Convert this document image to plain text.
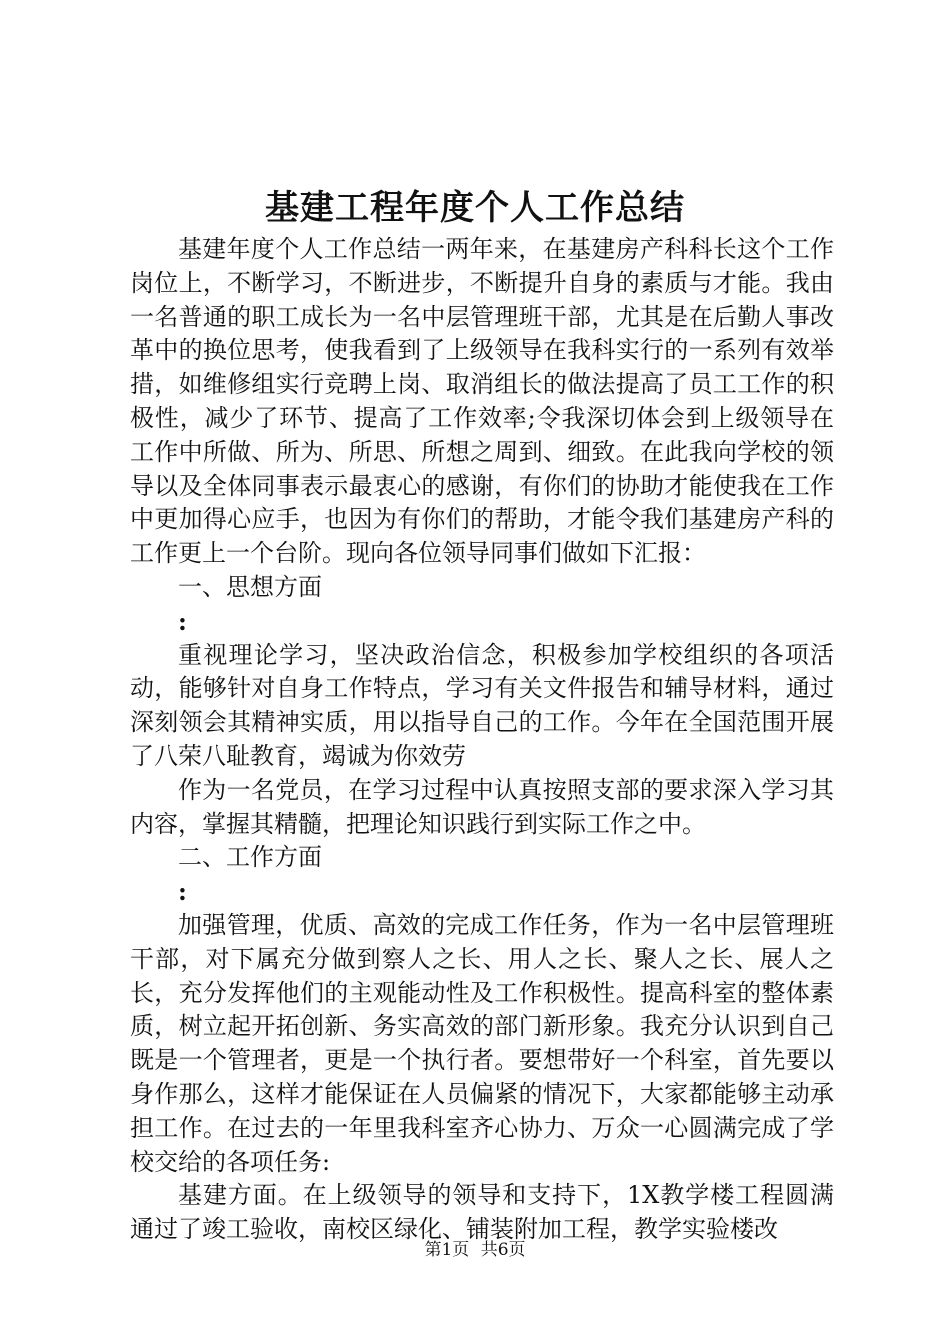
基建工程年度个人工作总结

基建年度个人工作总结一两年来，在基建房产科科长这个工作岗位上，不断学习，不断进步，不断提升自身的素质与才能。我由一名普通的职工成长为一名中层管理班干部，尤其是在后勤人事改革中的换位思考，使我看到了上级领导在我科实行的一系列有效举措，如维修组实行竞聘上岗、取消组长的做法提高了员工工作的积极性，减少了环节、提高了工作效率;令我深切体会到上级领导在工作中所做、所为、所思、所想之周到、细致。在此我向学校的领导以及全体同事表示最衷心的感谢，有你们的协助才能使我在工作中更加得心应手，也因为有你们的帮助，才能令我们基建房产科的工作更上一个台阶。现向各位领导同事们做如下汇报：

一、思想方面

:

重视理论学习，坚决政治信念，积极参加学校组织的各项活动，能够针对自身工作特点，学习有关文件报告和辅导材料，通过深刻领会其精神实质，用以指导自己的工作。今年在全国范围开展了八荣八耻教育，竭诚为你效劳

作为一名党员，在学习过程中认真按照支部的要求深入学习其内容，掌握其精髓，把理论知识践行到实际工作之中。

二、工作方面

:

加强管理，优质、高效的完成工作任务，作为一名中层管理班干部，对下属充分做到察人之长、用人之长、聚人之长、展人之长，充分发挥他们的主观能动性及工作积极性。提高科室的整体素质，树立起开拓创新、务实高效的部门新形象。我充分认识到自己既是一个管理者，更是一个执行者。要想带好一个科室，首先要以身作那么，这样才能保证在人员偏紧的情况下，大家都能够主动承担工作。在过去的一年里我科室齐心协力、万众一心圆满完成了学校交给的各项任务:

基建方面。在上级领导的领导和支持下，1X教学楼工程圆满通过了竣工验收，南校区绿化、铺装附加工程，教学实验楼改

第1页 共6页
